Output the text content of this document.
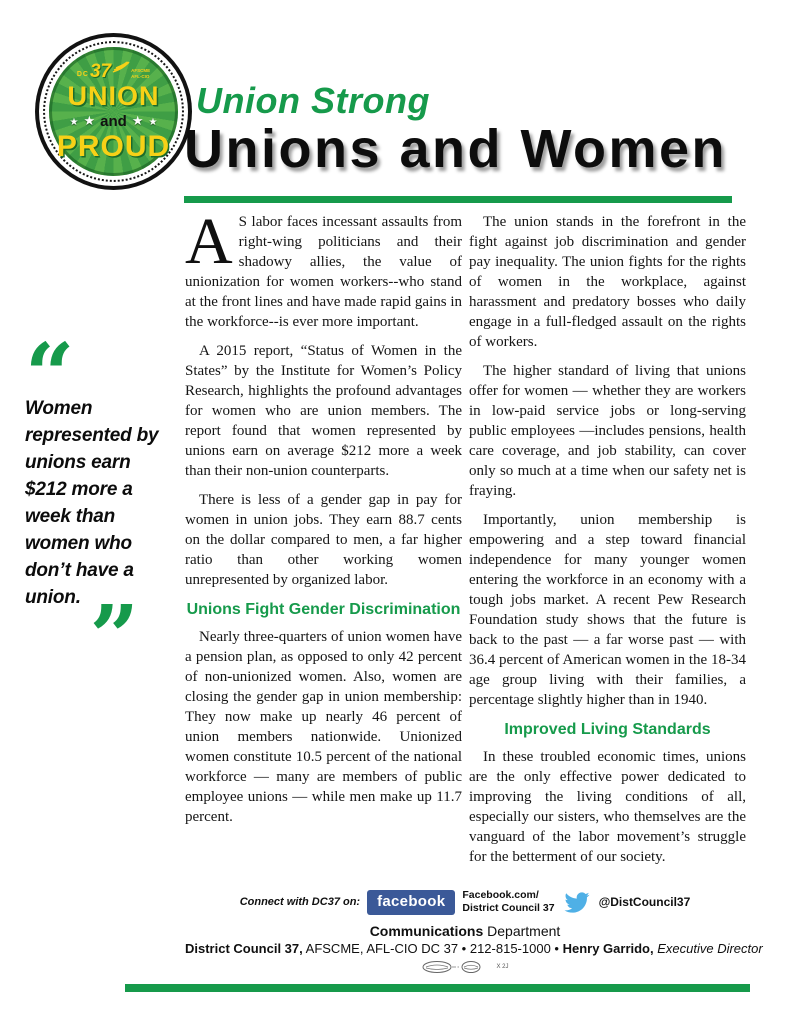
DC 37	AFSCME
AFL-CIO
UNION
★
★
and
★
★
PROUD
Union Strong
Unions and Women
“
Women represented by unions earn $212 more a week than women who don’t have a union.
”

A S labor faces incessant assaults from right-wing politicians and their shadowy allies, the value of unionization for women workers--who stand at the front lines and have made rapid gains in the workforce--is ever more important.

A 2015 report, “Status of Women in the States” by the Institute for Women’s Policy Research, highlights the profound advantages for women who are union members. The report found that women represented by unions earn on average $212 more a week than their non-union counterparts.

There is less of a gender gap in pay for women in union jobs. They earn 88.7 cents on the dollar compared to men, a far higher ratio than other working women unrepresented by organized labor.

Unions Fight Gender Discrimination

Nearly three-quarters of union women have a pension plan, as opposed to only 42 percent of non-unionized women. Also, women are closing the gender gap in union membership: They now make up nearly 46 percent of union members nationwide. Unionized women constitute 10.5 percent of the national workforce — many are members of public employee unions — while men make up 11.7 percent.

The union stands in the forefront in the fight against job discrimination and gender pay inequality. The union fights for the rights of women in the workplace, against harassment and predatory bosses who daily engage in a full-fledged assault on the rights of workers.

The higher standard of living that unions offer for women — whether they are workers in low-paid service jobs or long-serving public employees —includes pensions, health care coverage, and job stability, can cover only so much at a time when our safety net is fraying.

Importantly, union membership is empowering and a step toward financial independence for many younger women entering the workforce in an economy with a tough jobs market. A recent Pew Research Foundation study shows that the future is back to the past — a far worse past — with 36.4 percent of American women in the 18-34 age group living with their families, a percentage slightly higher than in 1940.

Improved Living Standards

In these troubled economic times, unions are the only effective power dedicated to improving the living conditions of all, especially our sisters, who themselves are the vanguard of the labor movement’s struggle for the betterment of our society.

Connect with DC37 on:	facebook	Facebook.com/
District Council 37	@DistCouncil37
Communications Department
District Council 37, AFSCME, AFL-CIO DC 37 • 212-815-1000 • Henry Garrido, Executive Director
X 2J
